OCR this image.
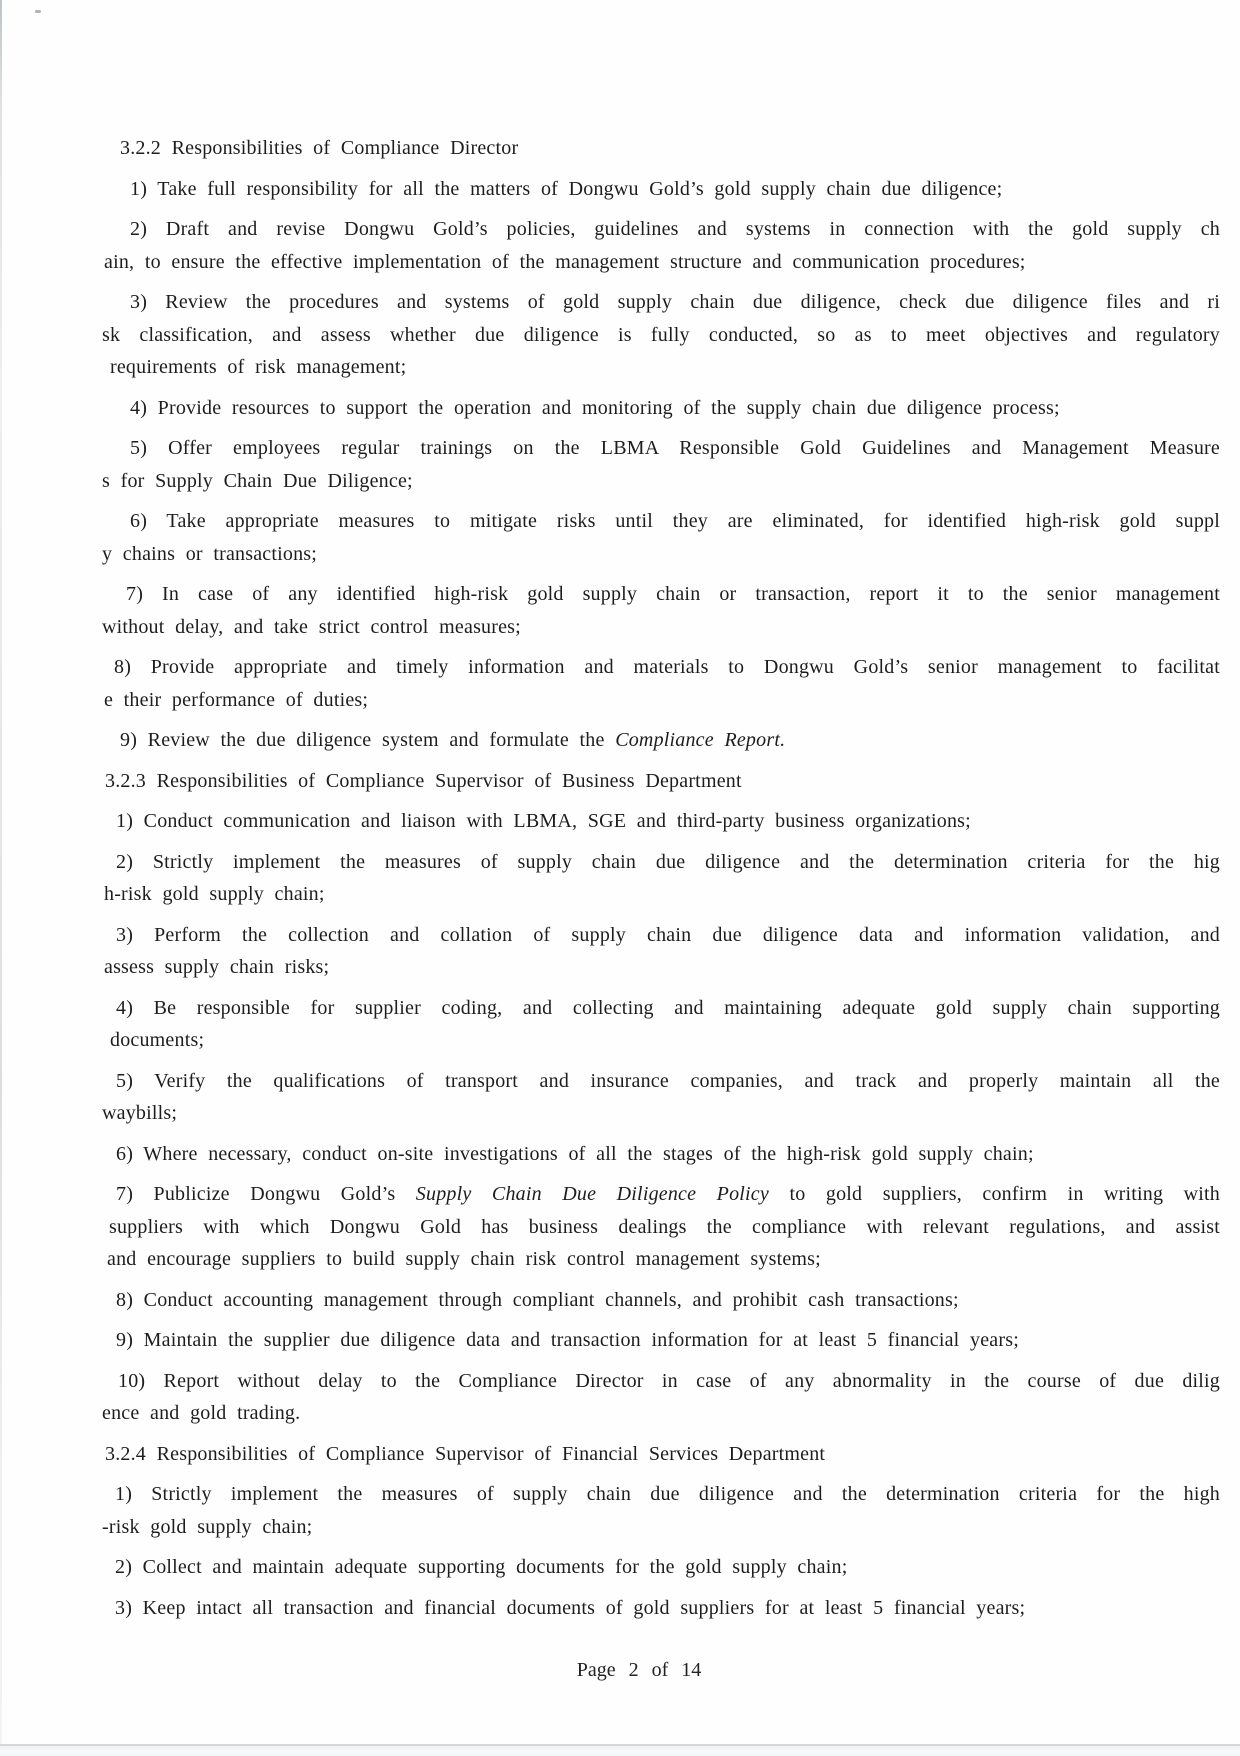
3.2.2 Responsibilities of Compliance Director
1) Take full responsibility for all the matters of Dongwu Gold’s gold supply chain due diligence;
2) Draft and revise Dongwu Gold’s policies, guidelines and systems in connection with the gold supply ch
ain, to ensure the effective implementation of the management structure and communication procedures;
3) Review the procedures and systems of gold supply chain due diligence, check due diligence files and ri
sk classification, and assess whether due diligence is fully conducted, so as to meet objectives and regulatory
requirements of risk management;
4) Provide resources to support the operation and monitoring of the supply chain due diligence process;
5) Offer employees regular trainings on the LBMA Responsible Gold Guidelines and Management Measure
s for Supply Chain Due Diligence;
6) Take appropriate measures to mitigate risks until they are eliminated, for identified high-risk gold suppl
y chains or transactions;
7) In case of any identified high-risk gold supply chain or transaction, report it to the senior management
without delay, and take strict control measures;
8) Provide appropriate and timely information and materials to Dongwu Gold’s senior management to facilitat
e their performance of duties;
9) Review the due diligence system and formulate the Compliance Report.
3.2.3 Responsibilities of Compliance Supervisor of Business Department
1) Conduct communication and liaison with LBMA, SGE and third-party business organizations;
2) Strictly implement the measures of supply chain due diligence and the determination criteria for the hig
h-risk gold supply chain;
3) Perform the collection and collation of supply chain due diligence data and information validation, and
assess supply chain risks;
4) Be responsible for supplier coding, and collecting and maintaining adequate gold supply chain supporting
documents;
5) Verify the qualifications of transport and insurance companies, and track and properly maintain all the
waybills;
6) Where necessary, conduct on-site investigations of all the stages of the high-risk gold supply chain;
7) Publicize Dongwu Gold’s Supply Chain Due Diligence Policy to gold suppliers, confirm in writing with
suppliers with which Dongwu Gold has business dealings the compliance with relevant regulations, and assist
and encourage suppliers to build supply chain risk control management systems;
8) Conduct accounting management through compliant channels, and prohibit cash transactions;
9) Maintain the supplier due diligence data and transaction information for at least 5 financial years;
10) Report without delay to the Compliance Director in case of any abnormality in the course of due dilig
ence and gold trading.
3.2.4 Responsibilities of Compliance Supervisor of Financial Services Department
1) Strictly implement the measures of supply chain due diligence and the determination criteria for the high
-risk gold supply chain;
2) Collect and maintain adequate supporting documents for the gold supply chain;
3) Keep intact all transaction and financial documents of gold suppliers for at least 5 financial years;
Page 2 of 14
